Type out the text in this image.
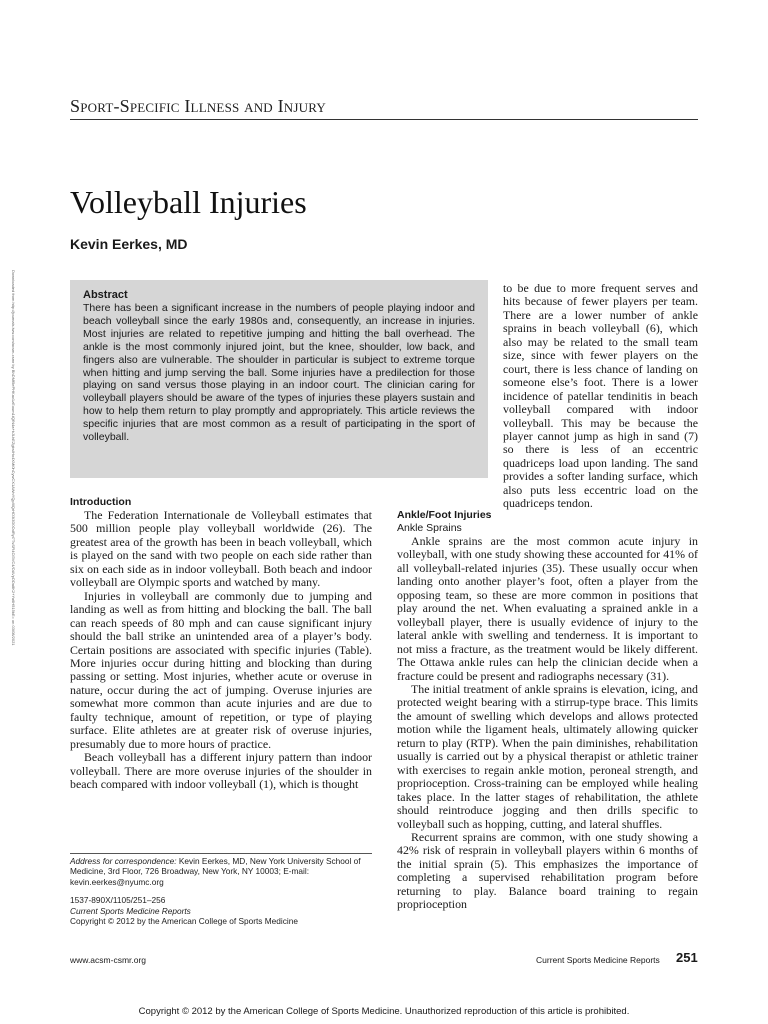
Sport-Specific Illness and Injury
Volleyball Injuries
Kevin Eerkes, MD
Downloaded from http://journals.lww.com/acsm-csmr by BhDMf5ePHKav1zEoum1tQfN4a+kJLhEZgbsIHo4XMi0hCywCX1AWnYQp/IlQrHD3i3D0OdRyi7TvSFl4Cf3VC4/OAVpDDa8K2+Ya6H515kE= on 03/08/2021	Abstract
There has been a significant increase in the numbers of people playing indoor and beach volleyball since the early 1980s and, consequently, an increase in injuries. Most injuries are related to repetitive jumping and hitting the ball overhead. The ankle is the most commonly injured joint, but the knee, shoulder, low back, and fingers also are vulnerable. The shoulder in particular is subject to extreme torque when hitting and jump serving the ball. Some injuries have a predilection for those playing on sand versus those playing in an indoor court. The clinician caring for volleyball players should be aware of the types of injuries these players sustain and how to help them return to play promptly and appropriately. This article reviews the specific injuries that are most common as a result of participating in the sport of volleyball.
Introduction

The Federation Internationale de Volleyball estimates that 500 million people play volleyball worldwide (26). The greatest area of the growth has been in beach volleyball, which is played on the sand with two people on each side rather than six on each side as in indoor volleyball. Both beach and indoor volleyball are Olympic sports and watched by many.

Injuries in volleyball are commonly due to jumping and landing as well as from hitting and blocking the ball. The ball can reach speeds of 80 mph and can cause significant injury should the ball strike an unintended area of a player’s body. Certain positions are associated with specific injuries (Table). More injuries occur during hitting and blocking than during passing or setting. Most injuries, whether acute or overuse in nature, occur during the act of jumping. Overuse injuries are somewhat more common than acute injuries and are due to faulty technique, amount of repetition, or type of playing surface. Elite athletes are at greater risk of overuse injuries, presumably due to more hours of practice.

Beach volleyball has a different injury pattern than indoor volleyball. There are more overuse injuries of the shoulder in beach compared with indoor volleyball (1), which is thought

to be due to more frequent serves and hits because of fewer players per team. There are a lower number of ankle sprains in beach volleyball (6), which also may be related to the small team size, since with fewer players on the court, there is less chance of landing on someone else’s foot. There is a lower incidence of patellar tendinitis in beach volleyball compared with indoor volleyball. This may be because the player cannot jump as high in sand (7) so there is less of an eccentric quadriceps load upon landing. The sand provides a softer landing surface, which also puts less eccentric load on the quadriceps tendon.

Ankle/Foot Injuries
Ankle Sprains

Ankle sprains are the most common acute injury in volleyball, with one study showing these accounted for 41% of all volleyball-related injuries (35). These usually occur when landing onto another player’s foot, often a player from the opposing team, so these are more common in positions that play around the net. When evaluating a sprained ankle in a volleyball player, there is usually evidence of injury to the lateral ankle with swelling and tenderness. It is important to not miss a fracture, as the treatment would be likely different. The Ottawa ankle rules can help the clinician decide when a fracture could be present and radiographs necessary (31).

The initial treatment of ankle sprains is elevation, icing, and protected weight bearing with a stirrup-type brace. This limits the amount of swelling which develops and allows protected motion while the ligament heals, ultimately allowing quicker return to play (RTP). When the pain diminishes, rehabilitation usually is carried out by a physical therapist or athletic trainer with exercises to regain ankle motion, peroneal strength, and proprioception. Cross-training can be employed while healing takes place. In the latter stages of rehabilitation, the athlete should reintroduce jogging and then drills specific to volleyball such as hopping, cutting, and lateral shuffles.

Recurrent sprains are common, with one study showing a 42% risk of resprain in volleyball players within 6 months of the initial sprain (5). This emphasizes the importance of completing a supervised rehabilitation program before returning to play. Balance board training to regain proprioception

Address for correspondence: Kevin Eerkes, MD, New York University School of Medicine, 3rd Floor, 726 Broadway, New York, NY 10003; E-mail: kevin.eerkes@nyumc.org
1537-890X/1105/251–256
Current Sports Medicine Reports
Copyright © 2012 by the American College of Sports Medicine
www.acsm-csmr.org	Current Sports Medicine Reports 251
Copyright © 2012 by the American College of Sports Medicine. Unauthorized reproduction of this article is prohibited.
